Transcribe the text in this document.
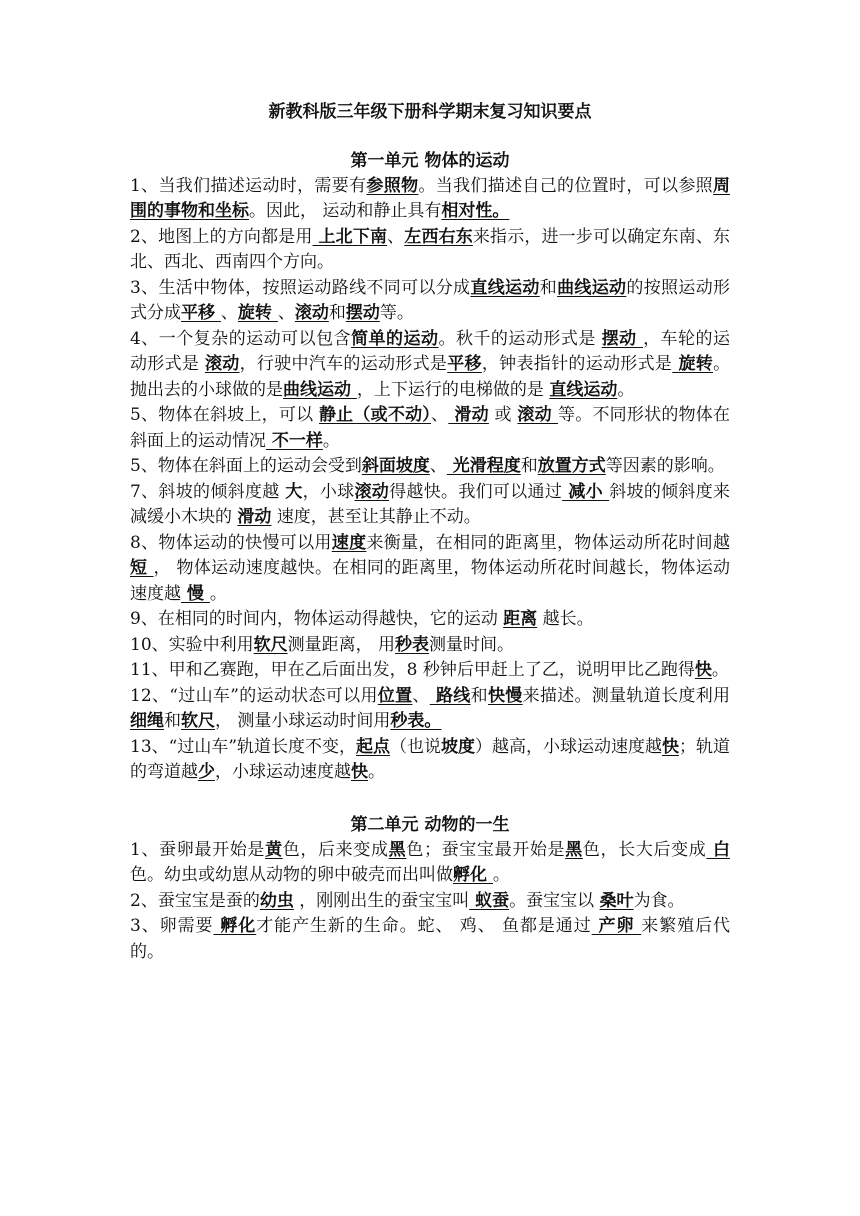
新教科版三年级下册科学期末复习知识要点
第一单元 物体的运动

1、当我们描述运动时，需要有参照物。当我们描述自己的位置时，可以参照周围的事物和坐标。因此， 运动和静止具有相对性。

2、地图上的方向都是用 上北下南、左西右东来指示，进一步可以确定东南、东北、西北、西南四个方向。

3、生活中物体，按照运动路线不同可以分成直线运动和曲线运动的按照运动形式分成平移 、旋转 、滚动和摆动等。

4、一个复杂的运动可以包含简单的运动。秋千的运动形式是 摆动 ，车轮的运动形式是 滚动，行驶中汽车的运动形式是平移，钟表指针的运动形式是 旋转。抛出去的小球做的是曲线运动 ，上下运行的电梯做的是 直线运动。

5、物体在斜坡上，可以 静止（或不动）、 滑动 或 滚动 等。不同形状的物体在斜面上的运动情况 不一样。

5、物体在斜面上的运动会受到斜面坡度、 光滑程度和放置方式等因素的影响。

7、斜坡的倾斜度越 大，小球滚动得越快。我们可以通过 减小 斜坡的倾斜度来减缓小木块的 滑动 速度，甚至让其静止不动。

8、物体运动的快慢可以用速度来衡量，在相同的距离里，物体运动所花时间越 短 ， 物体运动速度越快。在相同的距离里，物体运动所花时间越长，物体运动速度越 慢 。

9、在相同的时间内，物体运动得越快，它的运动 距离 越长。

10、实验中利用软尺测量距离， 用秒表测量时间。

11、甲和乙赛跑，甲在乙后面出发，8 秒钟后甲赶上了乙，说明甲比乙跑得快。

12、“过山车”的运动状态可以用位置、 路线和快慢来描述。测量轨道长度利用细绳和软尺， 测量小球运动时间用秒表。

13、“过山车”轨道长度不变，起点（也说坡度）越高，小球运动速度越快；轨道的弯道越少，小球运动速度越快。

第二单元 动物的一生

1、蚕卵最开始是黄色，后来变成黑色；蚕宝宝最开始是黑色，长大后变成 白色。幼虫或幼崽从动物的卵中破壳而出叫做孵化 。

2、蚕宝宝是蚕的幼虫 ，刚刚出生的蚕宝宝叫 蚁蚕。蚕宝宝以 桑叶为食。

3、卵需要 孵化才能产生新的生命。蛇、 鸡、 鱼都是通过 产卵 来繁殖后代的。
